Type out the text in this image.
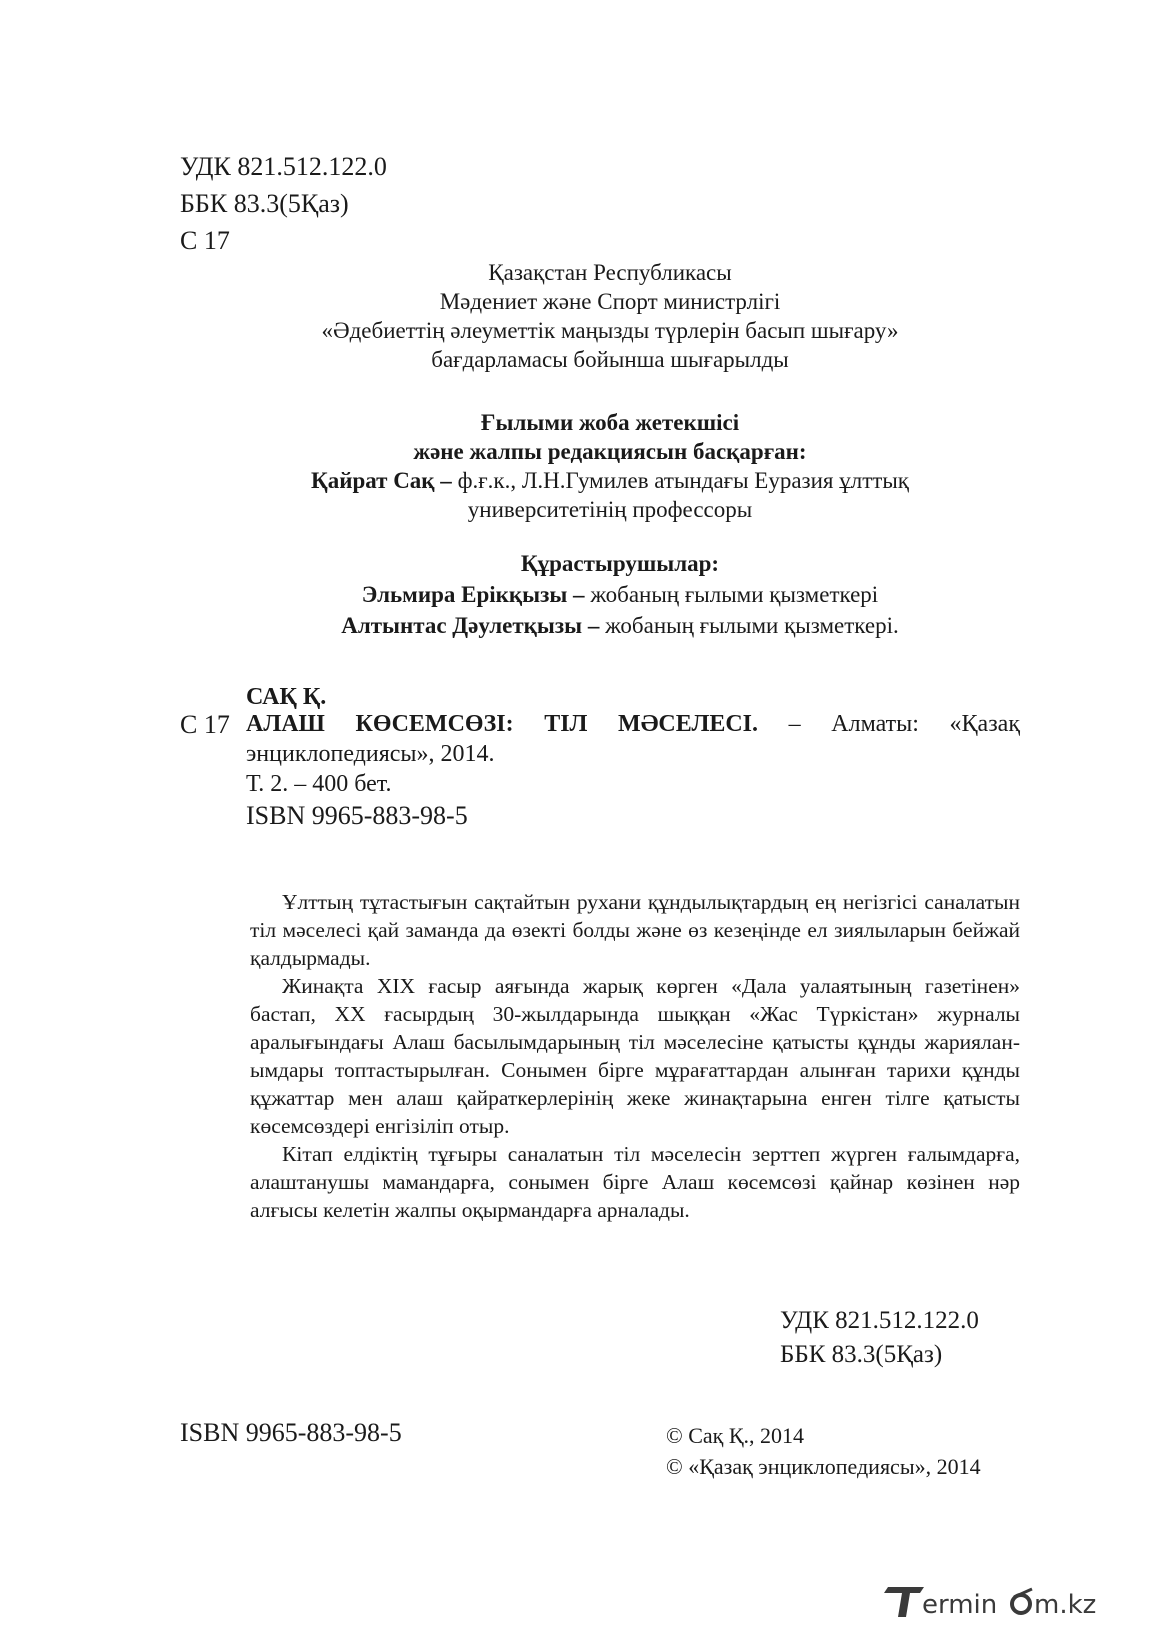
УДК 821.512.122.0
ББК 83.3(5Қаз)
С 17
Қазақстан Республикасы
Мәдениет және Спорт министрлігі
«Әдебиеттің әлеуметтік маңызды түрлерін басып шығару»
бағдарламасы бойынша шығарылды
Ғылыми жоба жетекшісі
және жалпы редакциясын басқарған:
Қайрат Сақ – ф.ғ.к., Л.Н.Гумилев атындағы Еуразия ұлттық
университетінің профессоры
Құрастырушылар:
Эльмира Ерікқызы – жобаның ғылыми қызметкері
Алтынтас Дәулетқызы – жобаның ғылыми қызметкері.
САҚ Қ.
С 17 АЛАШ КӨСЕМСӨЗІ: ТІЛ МӘСЕЛЕСІ. – Алматы: «Қазақ
энциклопедиясы», 2014.
Т. 2. – 400 бет.
ISBN 9965-883-98-5

Ұлттың тұтастығын сақтайтын рухани құндылықтардың ең негізгісі саналатын тіл мәселесі қай заманда да өзекті болды және өз кезеңінде ел зиялыларын бейжай қалдырмады.

Жинақта XIX ғасыр аяғында жарық көрген «Дала уалаятының газетінен» бастап, ХХ ғасырдың 30-жылдарында шыққан «Жас Түркістан» журналы аралығындағы Алаш басылымдарының тіл мәселесіне қатысты құнды жарияланымдары топтастырылған. Сонымен бірге мұрағаттардан алынған тарихи құнды құжаттар мен алаш қайраткерлерінің жеке жинақтарына енген тілге қатысты көсемсөздері енгізіліп отыр.

Кітап елдіктің тұғыры саналатын тіл мәселесін зерттеп жүрген ғалымдарға, алаштанушы мамандарға, сонымен бірге Алаш көсемсөзі қайнар көзінен нәр алғысы келетін жалпы оқырмандарға арналады.

УДК 821.512.122.0
ББК 83.3(5Қаз)
ISBN 9965-883-98-5	© Сақ Қ., 2014
© «Қазақ энциклопедиясы», 2014
ermin m.kz
